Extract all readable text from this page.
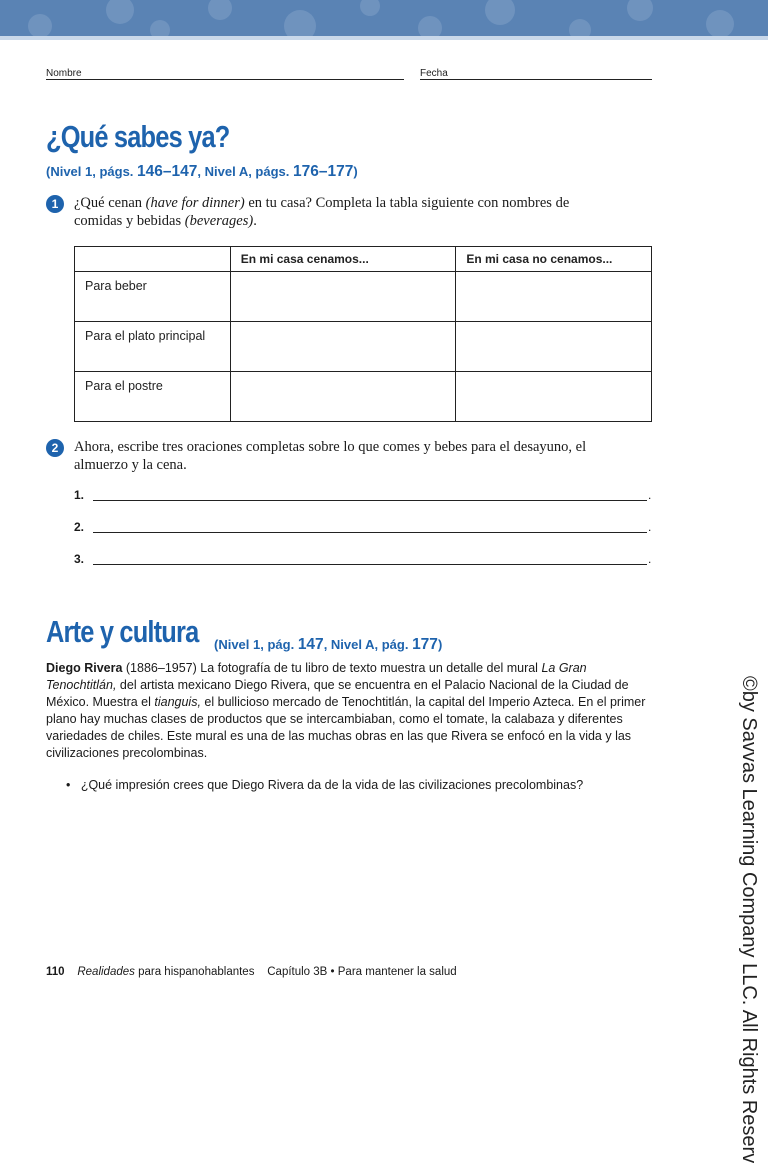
Nombre	Fecha
¿Qué sabes ya?
(Nivel 1, págs. 146–147, Nivel A, págs. 176–177)
1	¿Qué cenan (have for dinner) en tu casa? Completa la tabla siguiente con nombres de
comidas y bebidas (beverages).
	En mi casa cenamos...	En mi casa no cenamos...
Para beber		
Para el plato principal		
Para el postre		
2	Ahora, escribe tres oraciones completas sobre lo que comes y bebes para el desayuno, el
almuerzo y la cena.
1.	.
2.	.
3.	.
Arte y cultura (Nivel 1, pág. 147, Nivel A, pág. 177)
Diego Rivera (1886–1957) La fotografía de tu libro de texto muestra un detalle del mural La Gran Tenochtitlán, del artista mexicano Diego Rivera, que se encuentra en el Palacio Nacional de la Ciudad de México. Muestra el tianguis, el bullicioso mercado de Tenochtitlán, la capital del Imperio Azteca. En el primer plano hay muchas clases de productos que se intercambiaban, como el tomate, la calabaza y diferentes variedades de chiles. Este mural es una de las muchas obras en las que Rivera se enfocó en la vida y las civilizaciones precolombinas.
• ¿Qué impresión crees que Diego Rivera da de la vida de las civilizaciones precolombinas?
110 Realidades para hispanohablantes Capítulo 3B • Para mantener la salud	©by Savvas Learning Company LLC. All Rights Reserv
